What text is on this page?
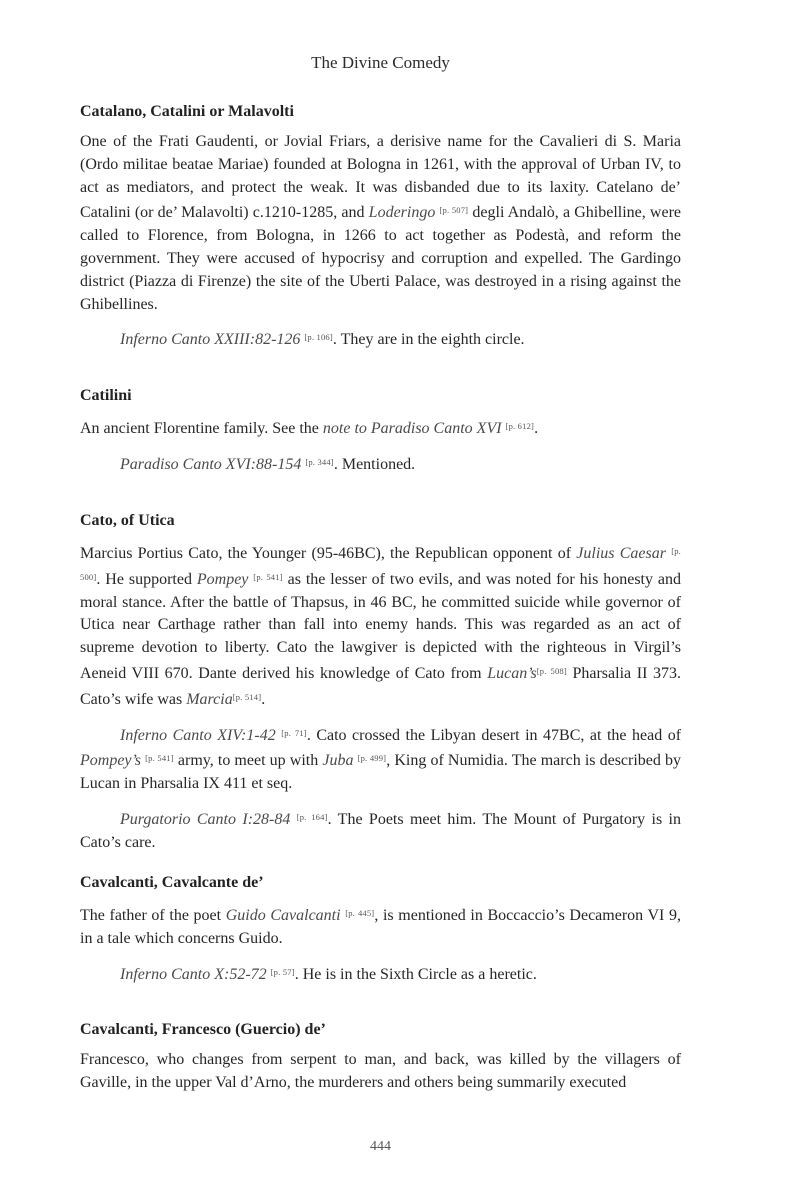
The Divine Comedy
Catalano, Catalini or Malavolti

One of the Frati Gaudenti, or Jovial Friars, a derisive name for the Cavalieri di S. Maria (Ordo militae beatae Mariae) founded at Bologna in 1261, with the approval of Urban IV, to act as mediators, and protect the weak. It was disbanded due to its laxity. Catelano de’ Catalini (or de’ Malavolti) c.1210-1285, and Loderingo [p. 507] degli Andalò, a Ghibelline, were called to Florence, from Bologna, in 1266 to act together as Podestà, and reform the government. They were accused of hypocrisy and corruption and expelled. The Gardingo district (Piazza di Firenze) the site of the Uberti Palace, was destroyed in a rising against the Ghibellines.

Inferno Canto XXIII:82-126 [p. 106]. They are in the eighth circle.

Catilini

An ancient Florentine family. See the note to Paradiso Canto XVI [p. 612].

Paradiso Canto XVI:88-154 [p. 344]. Mentioned.

Cato, of Utica

Marcius Portius Cato, the Younger (95-46BC), the Republican opponent of Julius Caesar [p. 500]. He supported Pompey [p. 541] as the lesser of two evils, and was noted for his honesty and moral stance. After the battle of Thapsus, in 46 BC, he committed suicide while governor of Utica near Carthage rather than fall into enemy hands. This was regarded as an act of supreme devotion to liberty. Cato the lawgiver is depicted with the righteous in Virgil’s Aeneid VIII 670. Dante derived his knowledge of Cato from Lucan’s[p. 508] Pharsalia II 373. Cato’s wife was Marcia[p. 514].

Inferno Canto XIV:1-42 [p. 71]. Cato crossed the Libyan desert in 47BC, at the head of Pompey’s [p. 541] army, to meet up with Juba [p. 499], King of Numidia. The march is described by Lucan in Pharsalia IX 411 et seq.

Purgatorio Canto I:28-84 [p. 164]. The Poets meet him. The Mount of Purgatory is in Cato’s care.

Cavalcanti, Cavalcante de’

The father of the poet Guido Cavalcanti [p. 445], is mentioned in Boccaccio’s Decameron VI 9, in a tale which concerns Guido.

Inferno Canto X:52-72 [p. 57]. He is in the Sixth Circle as a heretic.

Cavalcanti, Francesco (Guercio) de’

Francesco, who changes from serpent to man, and back, was killed by the villagers of Gaville, in the upper Val d’Arno, the murderers and others being summarily executed

444
